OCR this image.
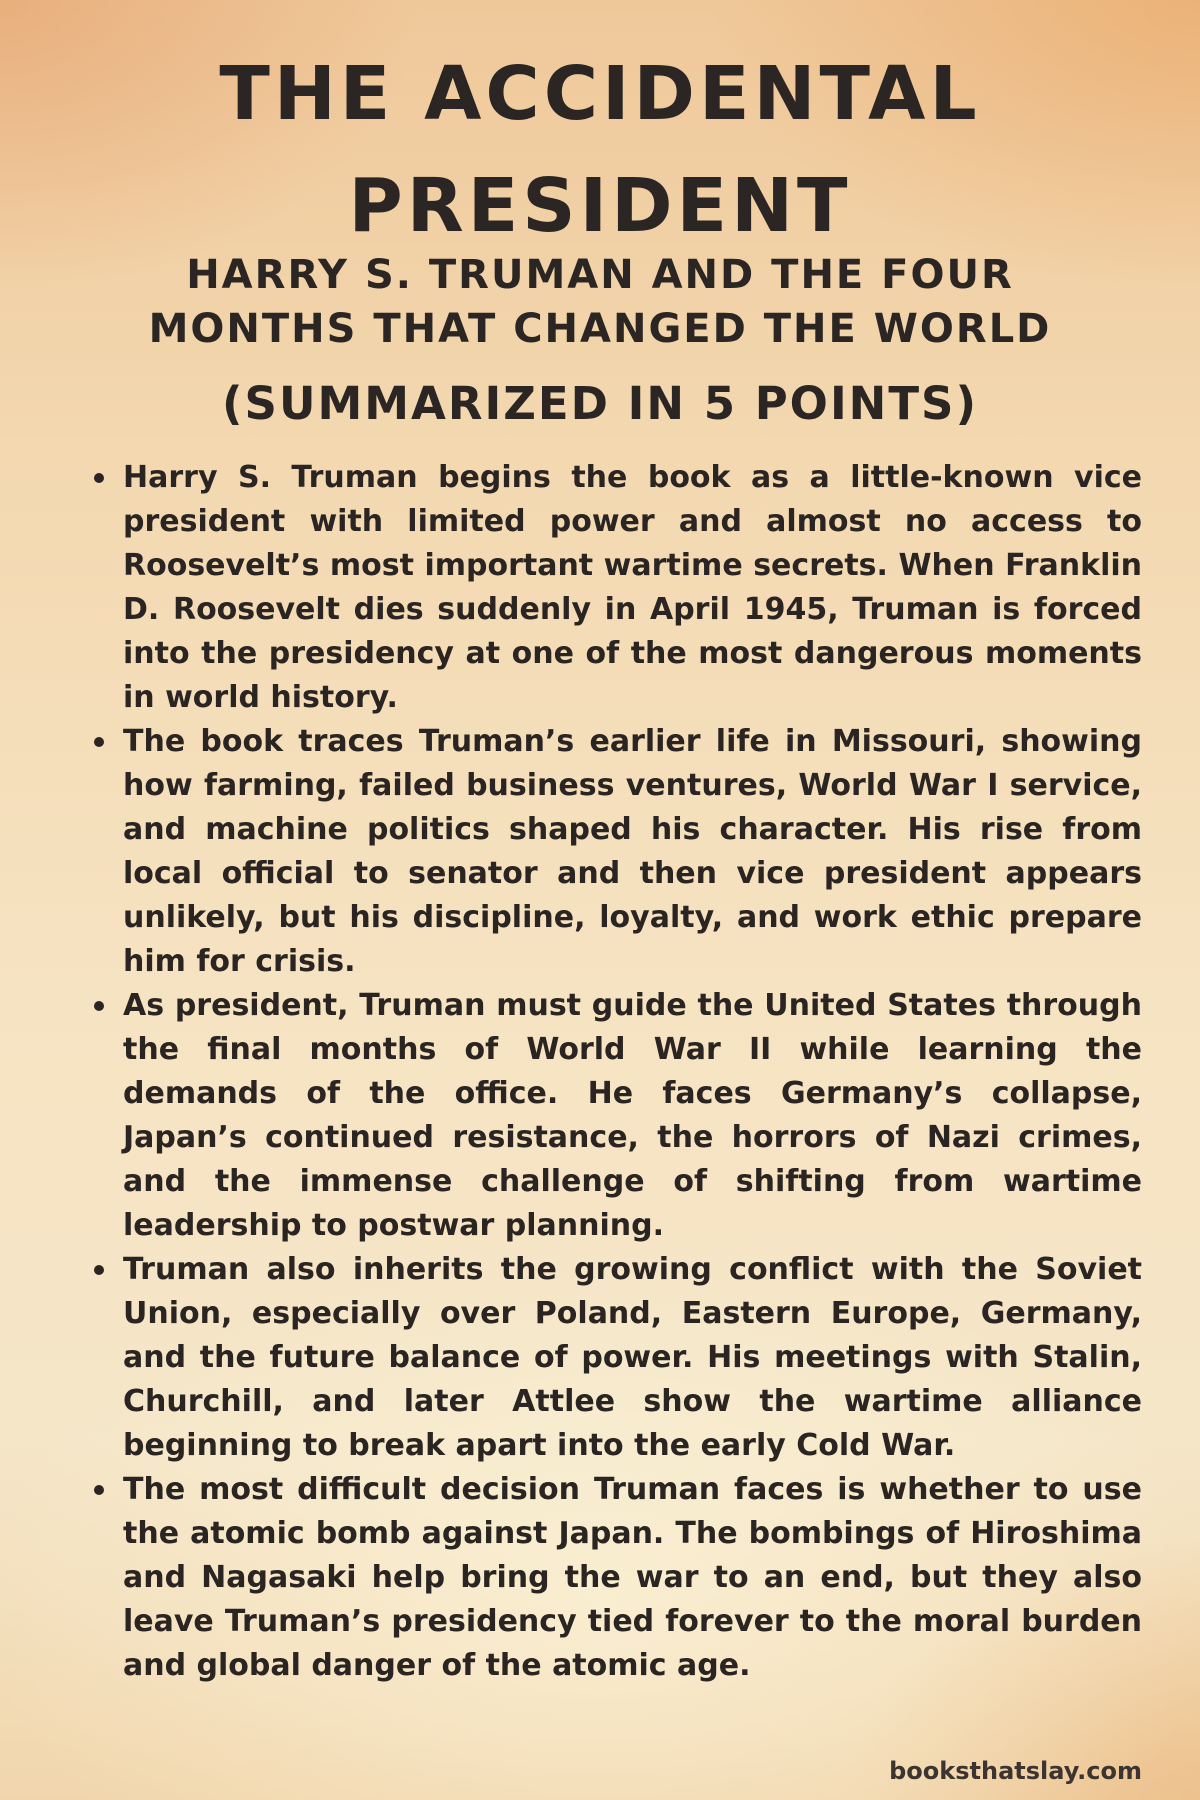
THE ACCIDENTAL PRESIDENT
HARRY S. TRUMAN AND THE FOUR MONTHS THAT CHANGED THE WORLD
(SUMMARIZED IN 5 POINTS)
Harry S. Truman begins the book as a little-known vice president with limited power and almost no access to Roosevelt’s most important wartime secrets. When Franklin D. Roosevelt dies suddenly in April 1945, Truman is forced into the presidency at one of the most dangerous moments in world history.
The book traces Truman’s earlier life in Missouri, showing how farming, failed business ventures, World War I service, and machine politics shaped his character. His rise from local official to senator and then vice president appears unlikely, but his discipline, loyalty, and work ethic prepare him for crisis.
As president, Truman must guide the United States through the final months of World War II while learning the demands of the office. He faces Germany’s collapse, Japan’s continued resistance, the horrors of Nazi crimes, and the immense challenge of shifting from wartime leadership to postwar planning.
Truman also inherits the growing conflict with the Soviet Union, especially over Poland, Eastern Europe, Germany, and the future balance of power. His meetings with Stalin, Churchill, and later Attlee show the wartime alliance beginning to break apart into the early Cold War.
The most difficult decision Truman faces is whether to use the atomic bomb against Japan. The bombings of Hiroshima and Nagasaki help bring the war to an end, but they also leave Truman’s presidency tied forever to the moral burden and global danger of the atomic age.
booksthatslay.com
